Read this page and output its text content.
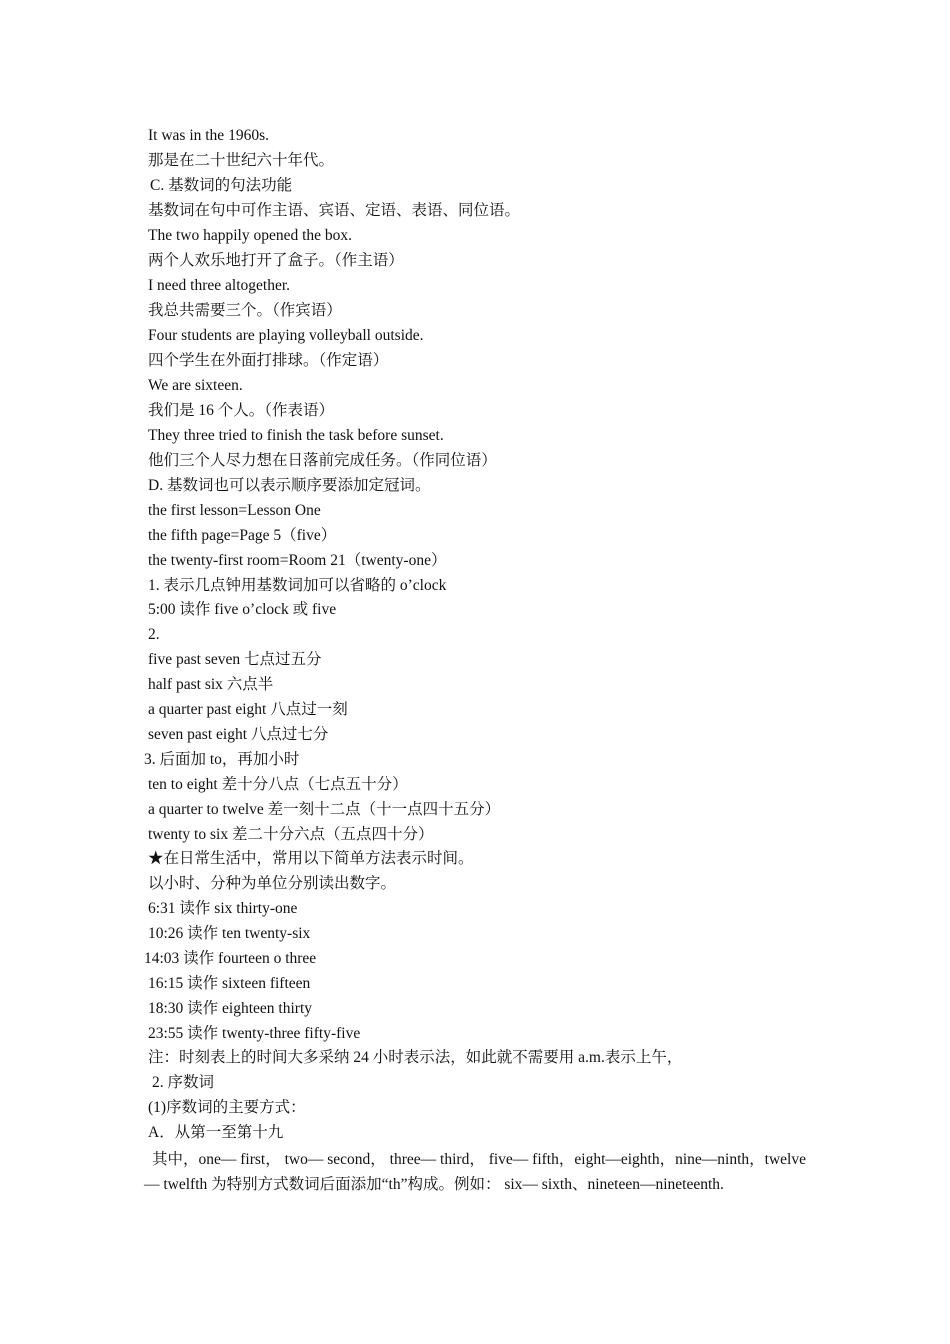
It was in the 1960s.
那是在二十世纪六十年代。
C. 基数词的句法功能
基数词在句中可作主语、宾语、定语、表语、同位语。
The two happily opened the box.
两个人欢乐地打开了盒子。（作主语）
I need three altogether.
我总共需要三个。（作宾语）
Four students are playing volleyball outside.
四个学生在外面打排球。（作定语）
We are sixteen.
我们是 16 个人。（作表语）
They three tried to finish the task before sunset.
他们三个人尽力想在日落前完成任务。（作同位语）
D. 基数词也可以表示顺序要添加定冠词。
the first lesson=Lesson One
the fifth page=Page 5（five）
the twenty-first room=Room 21（twenty-one）
1. 表示几点钟用基数词加可以省略的 o’clock
5:00 读作 five o’clock 或 five
2.
five past seven 七点过五分
half past six 六点半
a quarter past eight 八点过一刻
seven past eight 八点过七分
3. 后面加 to，再加小时
ten to eight 差十分八点（七点五十分）
a quarter to twelve 差一刻十二点（十一点四十五分）
twenty to six 差二十分六点（五点四十分）
★在日常生活中，常用以下简单方法表示时间。
以小时、分种为单位分别读出数字。
6:31 读作 six thirty-one
10:26 读作 ten twenty-six
14:03 读作 fourteen o three
16:15 读作 sixteen fifteen
18:30 读作 eighteen thirty
23:55 读作 twenty-three fifty-five
注：时刻表上的时间大多采纳 24 小时表示法，如此就不需要用 a.m.表示上午，
2. 序数词
(1)序数词的主要方式：
A．从第一至第十九
其中，one— first， two— second， three— third， five— fifth，eight—eighth，nine—ninth，twelve— twelfth 为特别方式数词后面添加“th”构成。例如： six— sixth、nineteen—nineteenth.
